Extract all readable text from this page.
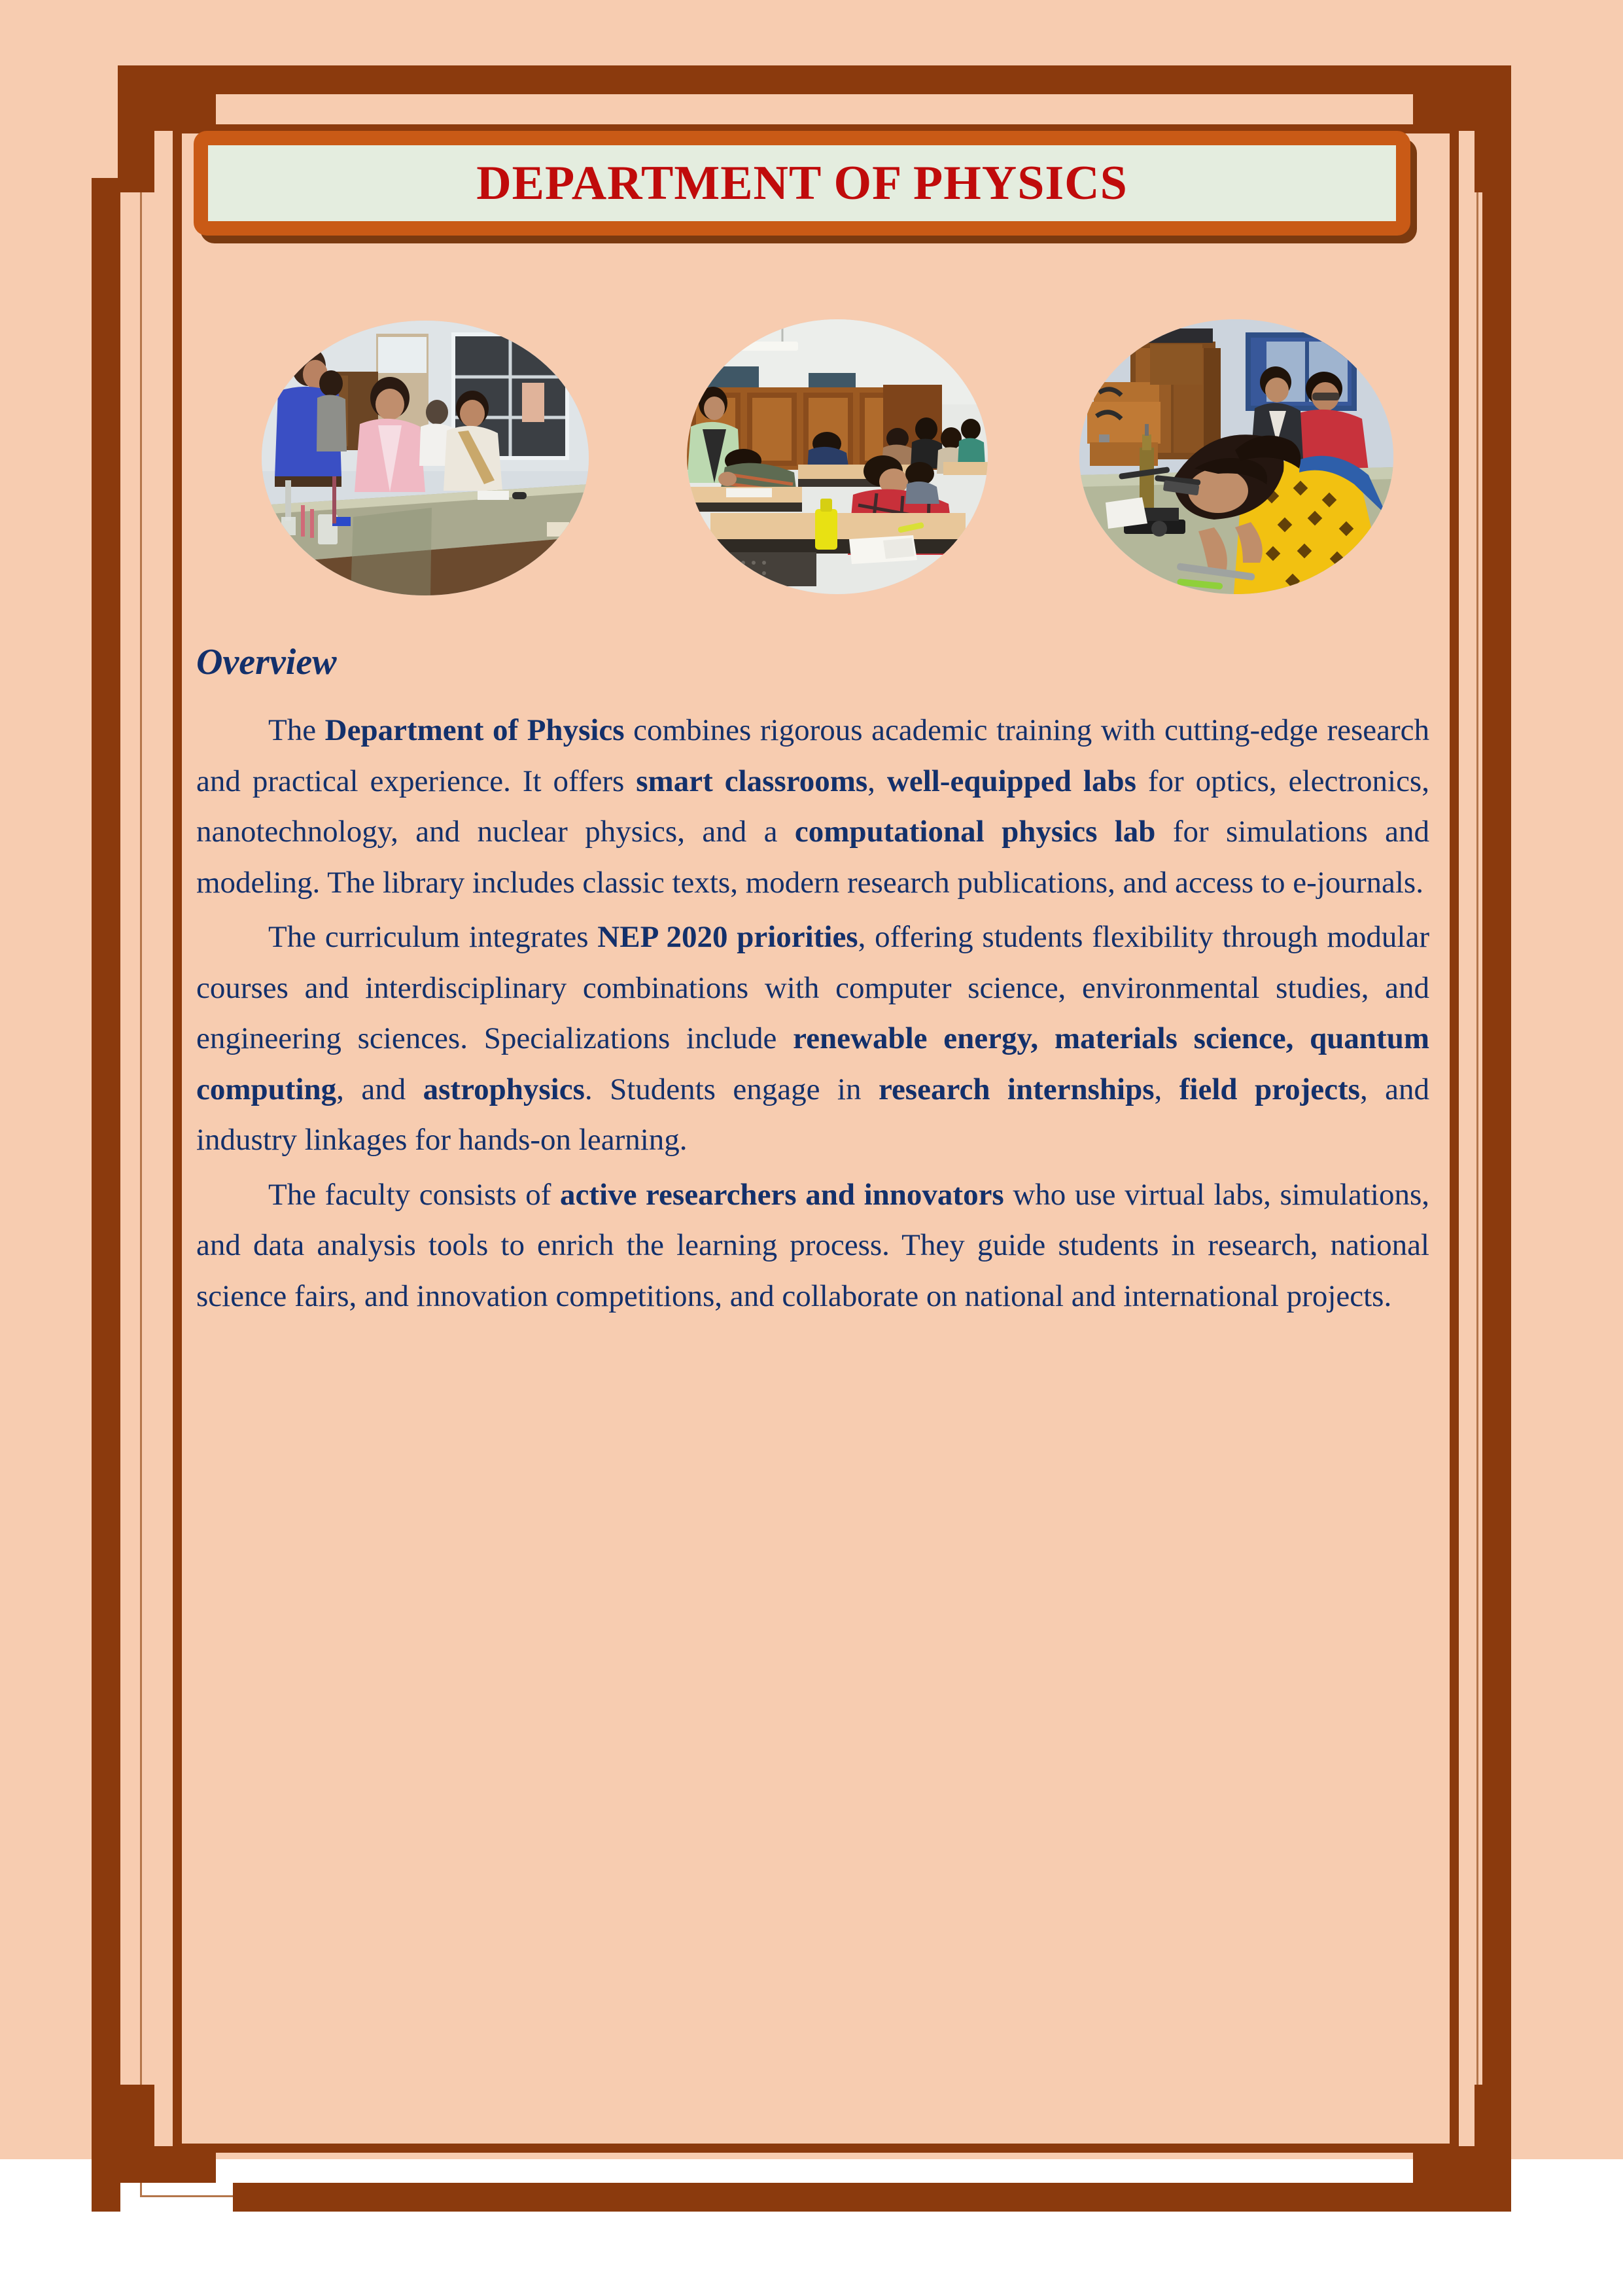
DEPARTMENT OF PHYSICS
Overview

The Department of Physics combines rigorous academic training with cutting-edge research and practical experience. It offers smart classrooms, well-equipped labs for optics, electronics, nanotechnology, and nuclear physics, and a computational physics lab for simulations and modeling. The library includes classic texts, modern research publications, and access to e-journals.

The curriculum integrates NEP 2020 priorities, offering students flexibility through modular courses and interdisciplinary combinations with computer science, environmental studies, and engineering sciences. Specializations include renewable energy, materials science, quantum computing, and astrophysics. Students engage in research internships, field projects, and industry linkages for hands-on learning.

The faculty consists of active researchers and innovators who use virtual labs, simulations, and data analysis tools to enrich the learning process. They guide students in research, national science fairs, and innovation competitions, and collaborate on national and international projects.
